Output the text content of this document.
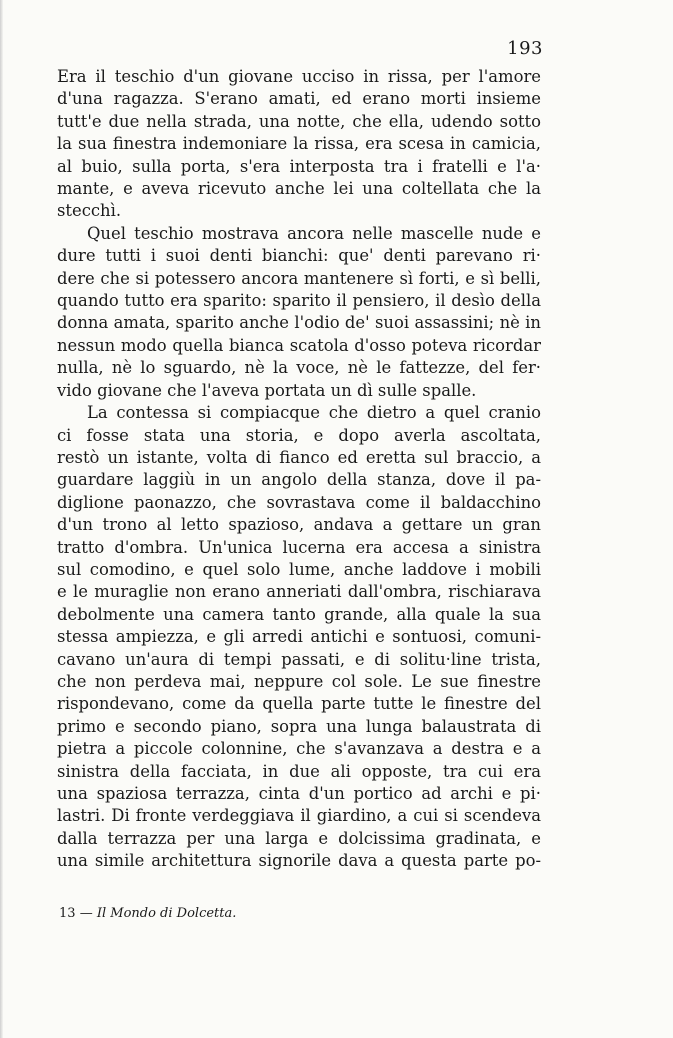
193
Era il teschio d'un giovane ucciso in rissa, per l'amore
d'una ragazza. S'erano amati, ed erano morti insieme
tutt'e due nella strada, una notte, che ella, udendo sotto
la sua finestra indemoniare la rissa, era scesa in camicia,
al buio, sulla porta, s'era interposta tra i fratelli e l'a·
mante, e aveva ricevuto anche lei una coltellata che la
stecchì.
Quel teschio mostrava ancora nelle mascelle nude e
dure tutti i suoi denti bianchi: que' denti parevano ri·
dere che si potessero ancora mantenere sì forti, e sì belli,
quando tutto era sparito: sparito il pensiero, il desìo della
donna amata, sparito anche l'odio de' suoi assassini; nè in
nessun modo quella bianca scatola d'osso poteva ricordar
nulla, nè lo sguardo, nè la voce, nè le fattezze, del fer·
vido giovane che l'aveva portata un dì sulle spalle.
La contessa si compiacque che dietro a quel cranio
ci fosse stata una storia, e dopo averla ascoltata,
restò un istante, volta di fianco ed eretta sul braccio, a
guardare laggiù in un angolo della stanza, dove il pa-
diglione paonazzo, che sovrastava come il baldacchino
d'un trono al letto spazioso, andava a gettare un gran
tratto d'ombra. Un'unica lucerna era accesa a sinistra
sul comodino, e quel solo lume, anche laddove i mobili
e le muraglie non erano anneriati dall'ombra, rischiarava
debolmente una camera tanto grande, alla quale la sua
stessa ampiezza, e gli arredi antichi e sontuosi, comuni-
cavano un'aura di tempi passati, e di solitu·line trista,
che non perdeva mai, neppure col sole. Le sue finestre
rispondevano, come da quella parte tutte le finestre del
primo e secondo piano, sopra una lunga balaustrata di
pietra a piccole colonnine, che s'avanzava a destra e a
sinistra della facciata, in due ali opposte, tra cui era
una spaziosa terrazza, cinta d'un portico ad archi e pi·
lastri. Di fronte verdeggiava il giardino, a cui si scendeva
dalla terrazza per una larga e dolcissima gradinata, e
una simile architettura signorile dava a questa parte po-
13 — Il Mondo di Dolcetta.
